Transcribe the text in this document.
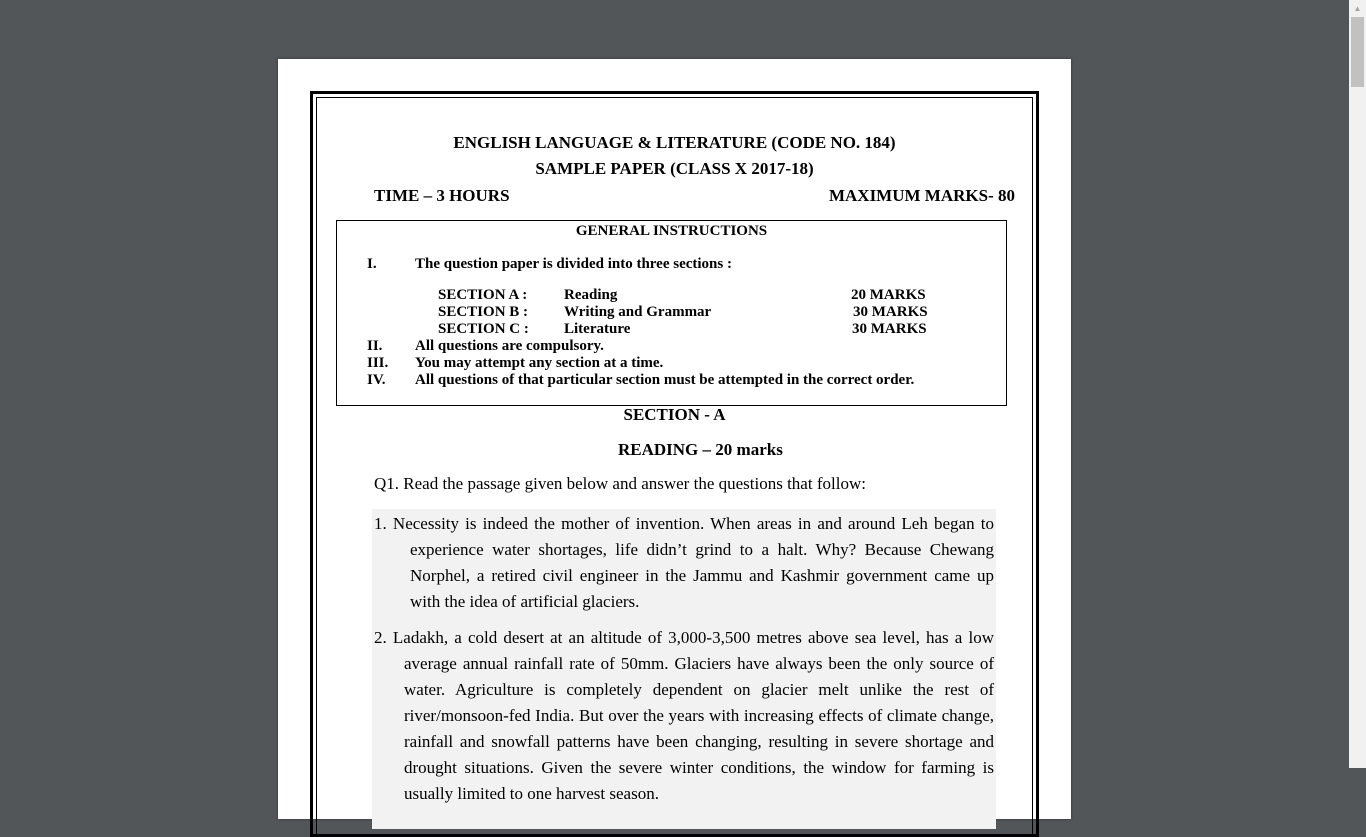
ENGLISH LANGUAGE & LITERATURE (CODE NO. 184)
SAMPLE PAPER (CLASS X 2017-18)
TIME – 3 HOURS	MAXIMUM MARKS- 80
GENERAL INSTRUCTIONS
I.	The question paper is divided into three sections :
SECTION A : Reading	20 MARKS
SECTION B : Writing and Grammar	30 MARKS
SECTION C : Literature	30 MARKS
II. All questions are compulsory.
III. You may attempt any section at a time.
IV. All questions of that particular section must be attempted in the correct order.
SECTION - A
READING – 20 marks
Q1. Read the passage given below and answer the questions that follow:
1. Necessity is indeed the mother of invention. When areas in and around Leh began to experience water shortages, life didn’t grind to a halt. Why? Because Chewang Norphel, a retired civil engineer in the Jammu and Kashmir government came up with the idea of artificial glaciers.
2. Ladakh, a cold desert at an altitude of 3,000-3,500 metres above sea level, has a low average annual rainfall rate of 50mm. Glaciers have always been the only source of water. Agriculture is completely dependent on glacier melt unlike the rest of river/monsoon-fed India. But over the years with increasing effects of climate change, rainfall and snowfall patterns have been changing, resulting in severe shortage and drought situations. Given the severe winter conditions, the window for farming is usually limited to one harvest season.
▲
